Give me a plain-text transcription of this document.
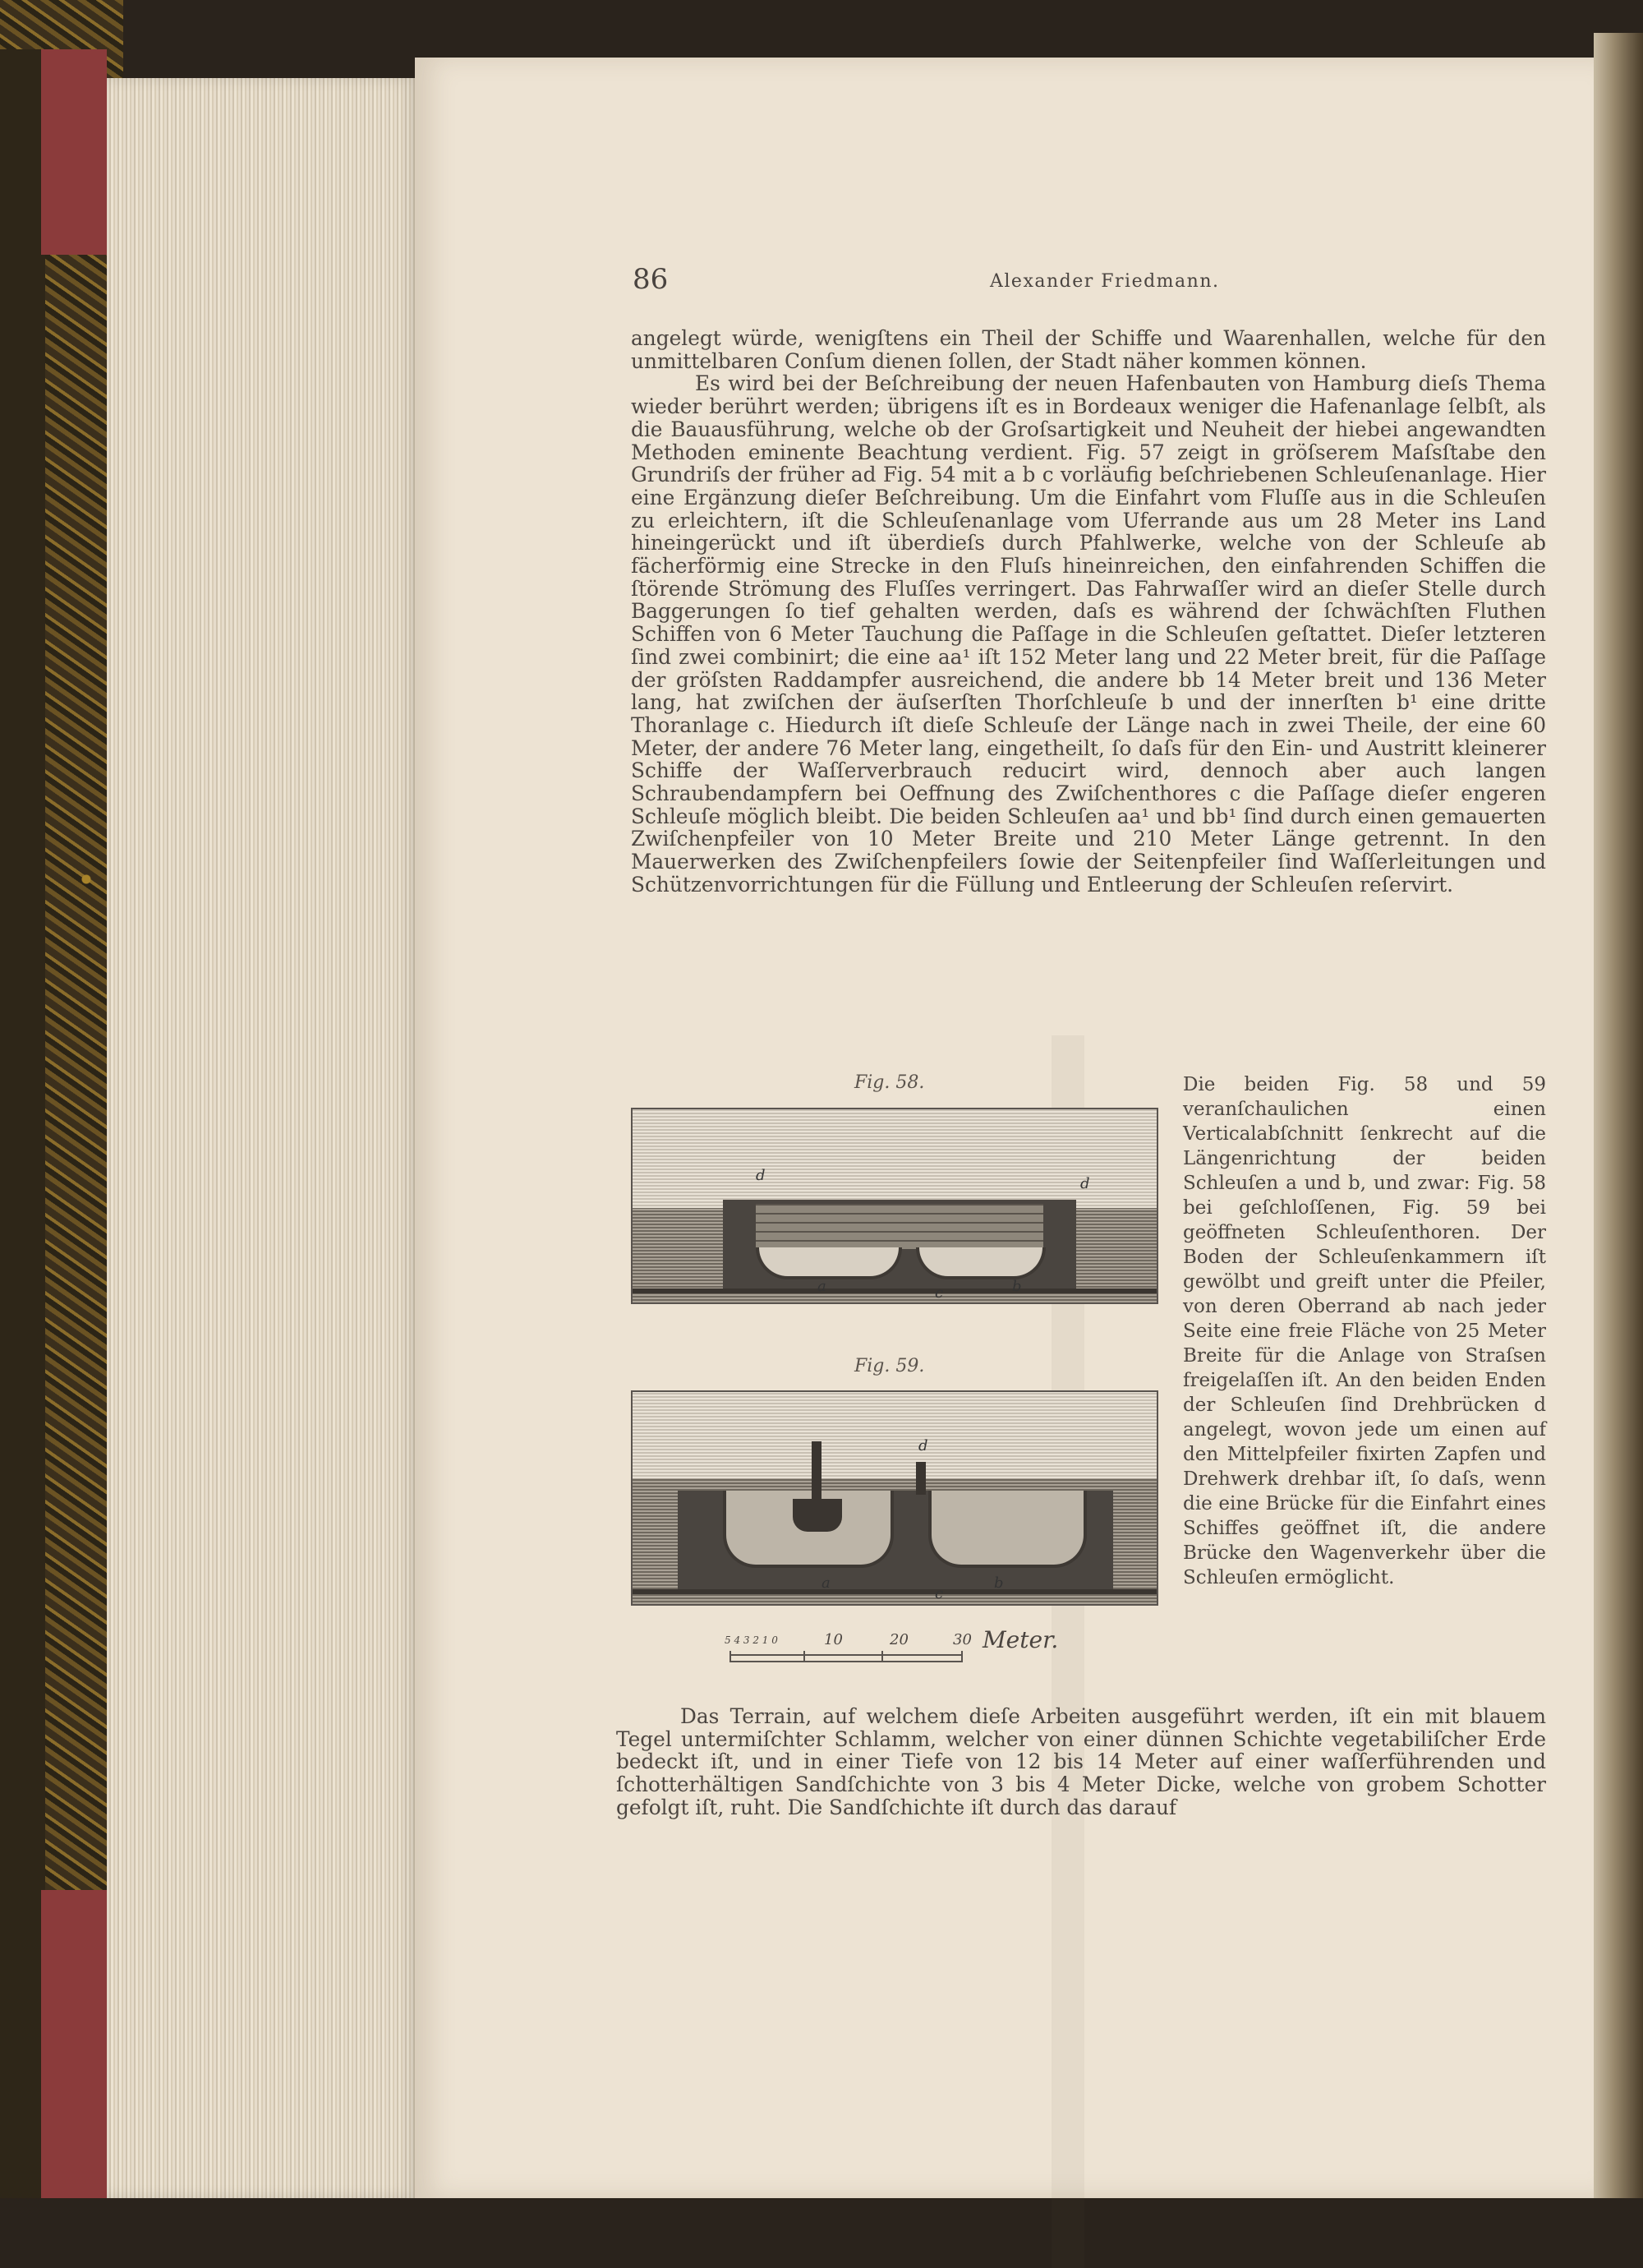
86	Alexander Friedmann.

angelegt würde, wenigſtens ein Theil der Schiffe und Waarenhallen, welche für den unmittelbaren Conſum dienen ſollen, der Stadt näher kommen können.

Es wird bei der Beſchreibung der neuen Hafenbauten von Hamburg dieſs Thema wieder berührt werden; übrigens iſt es in Bordeaux weniger die Hafenanlage ſelbſt, als die Bauausführung, welche ob der Groſsartigkeit und Neuheit der hiebei angewandten Methoden eminente Beachtung verdient. Fig. 57 zeigt in gröſserem Maſsſtabe den Grundriſs der früher ad Fig. 54 mit a b c vorläufig beſchriebenen Schleuſenanlage. Hier eine Ergänzung dieſer Beſchreibung. Um die Einfahrt vom Fluſſe aus in die Schleuſen zu erleichtern, iſt die Schleuſenanlage vom Uferrande aus um 28 Meter ins Land hineingerückt und iſt überdieſs durch Pfahlwerke, welche von der Schleuſe ab fächerförmig eine Strecke in den Fluſs hineinreichen, den einfahrenden Schiffen die ſtörende Strömung des Fluſſes verringert. Das Fahrwaſſer wird an dieſer Stelle durch Baggerungen ſo tief gehalten werden, daſs es während der ſchwächſten Fluthen Schiffen von 6 Meter Tauchung die Paſſage in die Schleuſen geſtattet. Dieſer letzteren ſind zwei combinirt; die eine aa¹ iſt 152 Meter lang und 22 Meter breit, für die Paſſage der gröſsten Raddampfer ausreichend, die andere bb 14 Meter breit und 136 Meter lang, hat zwiſchen der äuſserſten Thorſchleuſe b und der innerſten b¹ eine dritte Thoranlage c. Hiedurch iſt dieſe Schleuſe der Länge nach in zwei Theile, der eine 60 Meter, der andere 76 Meter lang, eingetheilt, ſo daſs für den Ein- und Austritt kleinerer Schiffe der Waſſerverbrauch reducirt wird, dennoch aber auch langen Schraubendampfern bei Oeffnung des Zwiſchenthores c die Paſſage dieſer engeren Schleuſe möglich bleibt. Die beiden Schleuſen aa¹ und bb¹ ſind durch einen gemauerten Zwiſchenpfeiler von 10 Meter Breite und 210 Meter Länge getrennt. In den Mauerwerken des Zwiſchenpfeilers ſowie der Seitenpfeiler ſind Waſſerleitungen und Schützenvorrichtungen für die Füllung und Entleerung der Schleuſen reſervirt.

Fig. 58.
d	d
a	c	b
Fig. 59.
d
a
c
b
5 4 3 2 1 0	10	20	30 Meter.
Die beiden Fig. 58 und 59 veranſchaulichen einen Verticalabſchnitt ſenkrecht auf die Längenrichtung der beiden Schleuſen a und b, und zwar: Fig. 58 bei geſchloſſenen, Fig. 59 bei geöffneten Schleuſenthoren. Der Boden der Schleuſenkammern iſt gewölbt und greift unter die Pfeiler, von deren Oberrand ab nach jeder Seite eine freie Fläche von 25 Meter Breite für die Anlage von Straſsen freigelaſſen iſt. An den beiden Enden der Schleuſen ſind Drehbrücken d angelegt, wovon jede um einen auf den Mittelpfeiler fixirten Zapfen und Drehwerk drehbar iſt, ſo daſs, wenn die eine Brücke für die Einfahrt eines Schiffes geöffnet iſt, die andere Brücke den Wagenverkehr über die Schleuſen ermöglicht.
Das Terrain, auf welchem dieſe Arbeiten ausgeführt werden, iſt ein mit blauem Tegel untermiſchter Schlamm, welcher von einer dünnen Schichte vegetabiliſcher Erde bedeckt iſt, und in einer Tiefe von 12 bis 14 Meter auf einer waſſerführenden und ſchotterhältigen Sandſchichte von 3 bis 4 Meter Dicke, welche von grobem Schotter gefolgt iſt, ruht. Die Sandſchichte iſt durch das darauf
